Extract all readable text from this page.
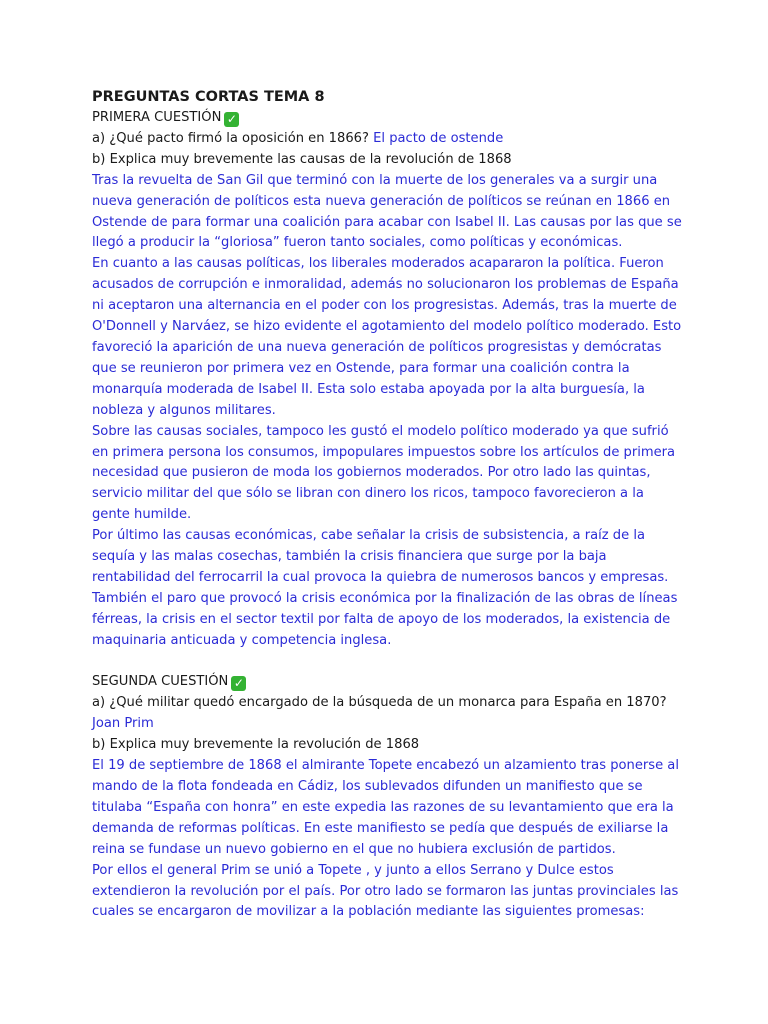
PREGUNTAS CORTAS TEMA 8

PRIMERA CUESTIÓN ✓

a) ¿Qué pacto firmó la oposición en 1866? El pacto de ostende

b) Explica muy brevemente las causas de la revolución de 1868

Tras la revuelta de San Gil que terminó con la muerte de los generales va a surgir una nueva generación de políticos esta nueva generación de políticos se reúnan en 1866 en Ostende de para formar una coalición para acabar con Isabel II. Las causas por las que se llegó a producir la “gloriosa” fueron tanto sociales, como políticas y económicas.

En cuanto a las causas políticas, los liberales moderados acapararon la política. Fueron acusados de corrupción e inmoralidad, además no solucionaron los problemas de España ni aceptaron una alternancia en el poder con los progresistas. Además, tras la muerte de O'Donnell y Narváez, se hizo evidente el agotamiento del modelo político moderado. Esto favoreció la aparición de una nueva generación de políticos progresistas y demócratas que se reunieron por primera vez en Ostende, para formar una coalición contra la monarquía moderada de Isabel II. Esta solo estaba apoyada por la alta burguesía, la nobleza y algunos militares.

Sobre las causas sociales, tampoco les gustó el modelo político moderado ya que sufrió en primera persona los consumos, impopulares impuestos sobre los artículos de primera necesidad que pusieron de moda los gobiernos moderados. Por otro lado las quintas, servicio militar del que sólo se libran con dinero los ricos, tampoco favorecieron a la gente humilde.

Por último las causas económicas, cabe señalar la crisis de subsistencia, a raíz de la sequía y las malas cosechas, también la crisis financiera que surge por la baja rentabilidad del ferrocarril la cual provoca la quiebra de numerosos bancos y empresas. También el paro que provocó la crisis económica por la finalización de las obras de líneas férreas, la crisis en el sector textil por falta de apoyo de los moderados, la existencia de maquinaria anticuada y competencia inglesa.

SEGUNDA CUESTIÓN ✓

a) ¿Qué militar quedó encargado de la búsqueda de un monarca para España en 1870? Joan Prim

b) Explica muy brevemente la revolución de 1868

El 19 de septiembre de 1868 el almirante Topete encabezó un alzamiento tras ponerse al mando de la flota fondeada en Cádiz, los sublevados difunden un manifiesto que se titulaba “España con honra” en este expedia las razones de su levantamiento que era la demanda de reformas políticas. En este manifiesto se pedía que después de exiliarse la reina se fundase un nuevo gobierno en el que no hubiera exclusión de partidos.

Por ellos el general Prim se unió a Topete , y junto a ellos Serrano y Dulce estos extendieron la revolución por el país. Por otro lado se formaron las juntas provinciales las cuales se encargaron de movilizar a la población mediante las siguientes promesas:
